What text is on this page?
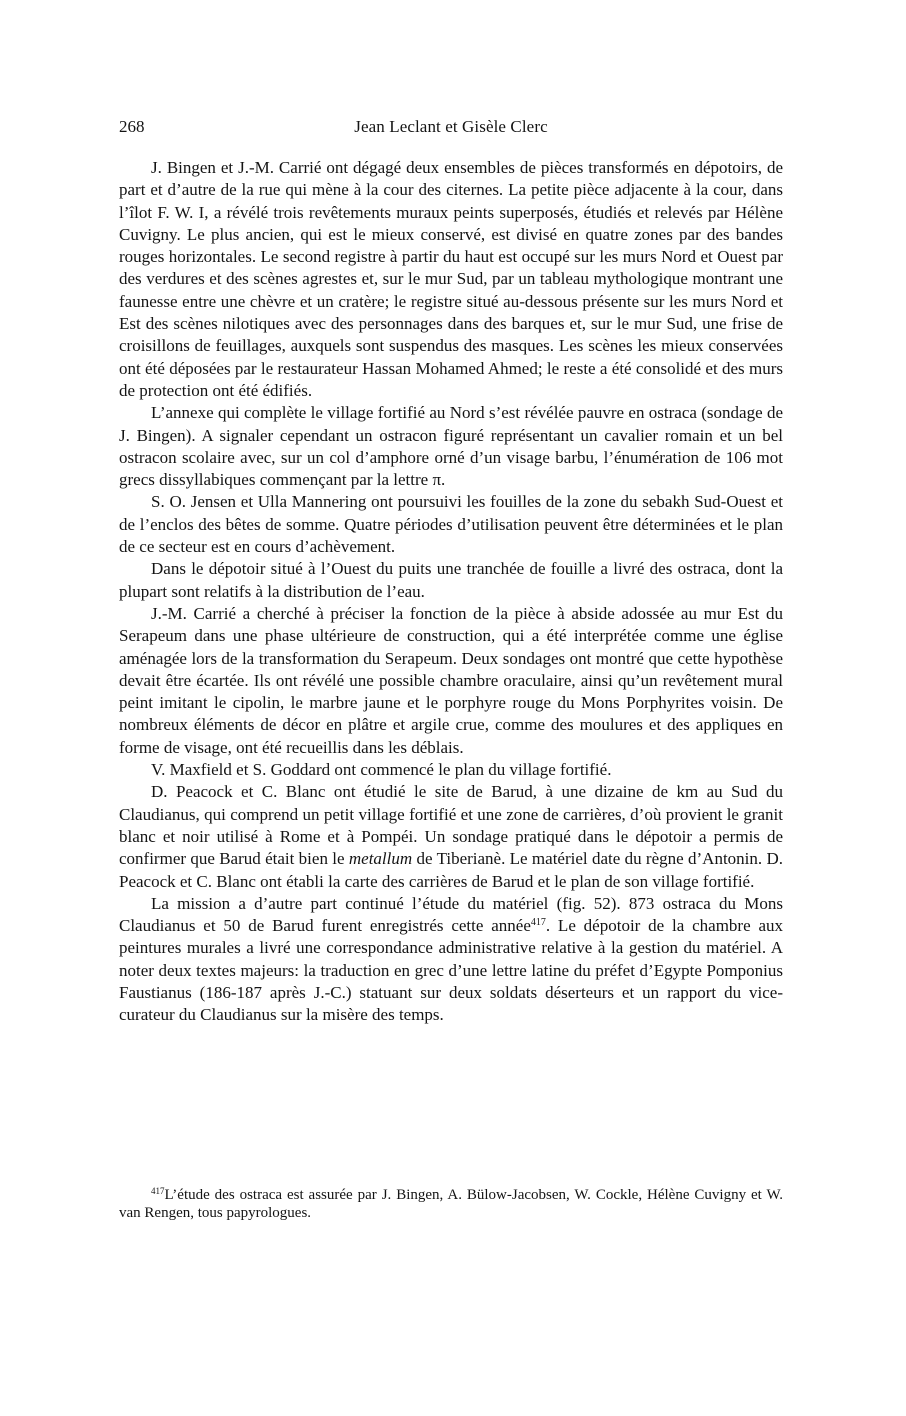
268	Jean Leclant et Gisèle Clerc

J. Bingen et J.-M. Carrié ont dégagé deux ensembles de pièces transformés en dépotoirs, de part et d’autre de la rue qui mène à la cour des citernes. La petite pièce adjacente à la cour, dans l’îlot F. W. I, a révélé trois revêtements muraux peints superposés, étudiés et relevés par Hélène Cuvigny. Le plus ancien, qui est le mieux conservé, est divisé en quatre zones par des bandes rouges horizontales. Le second registre à partir du haut est occupé sur les murs Nord et Ouest par des verdures et des scènes agrestes et, sur le mur Sud, par un tableau mythologique montrant une faunesse entre une chèvre et un cratère; le registre situé au-dessous présente sur les murs Nord et Est des scènes nilotiques avec des personnages dans des barques et, sur le mur Sud, une frise de croisillons de feuillages, auxquels sont suspendus des masques. Les scènes les mieux conservées ont été déposées par le restaurateur Hassan Mohamed Ahmed; le reste a été consolidé et des murs de protection ont été édifiés.

L’annexe qui complète le village fortifié au Nord s’est révélée pauvre en ostraca (sondage de J. Bingen). A signaler cependant un ostracon figuré représentant un cavalier romain et un bel ostracon scolaire avec, sur un col d’amphore orné d’un visage barbu, l’énumération de 106 mot grecs dissyllabiques commençant par la lettre π.

S. O. Jensen et Ulla Mannering ont poursuivi les fouilles de la zone du sebakh Sud-Ouest et de l’enclos des bêtes de somme. Quatre périodes d’utilisation peuvent être déterminées et le plan de ce secteur est en cours d’achèvement.

Dans le dépotoir situé à l’Ouest du puits une tranchée de fouille a livré des ostraca, dont la plupart sont relatifs à la distribution de l’eau.

J.-M. Carrié a cherché à préciser la fonction de la pièce à abside adossée au mur Est du Serapeum dans une phase ultérieure de construction, qui a été interprétée comme une église aménagée lors de la transformation du Serapeum. Deux sondages ont montré que cette hypothèse devait être écartée. Ils ont révélé une possible chambre oraculaire, ainsi qu’un revêtement mural peint imitant le cipolin, le marbre jaune et le porphyre rouge du Mons Porphyrites voisin. De nombreux éléments de décor en plâtre et argile crue, comme des moulures et des appliques en forme de visage, ont été recueillis dans les déblais.

V. Maxfield et S. Goddard ont commencé le plan du village fortifié.

D. Peacock et C. Blanc ont étudié le site de Barud, à une dizaine de km au Sud du Claudianus, qui comprend un petit village fortifié et une zone de carrières, d’où provient le granit blanc et noir utilisé à Rome et à Pompéi. Un sondage pratiqué dans le dépotoir a permis de confirmer que Barud était bien le metallum de Tiberianè. Le matériel date du règne d’Antonin. D. Peacock et C. Blanc ont établi la carte des carrières de Barud et le plan de son village fortifié.

La mission a d’autre part continué l’étude du matériel (fig. 52). 873 ostraca du Mons Claudianus et 50 de Barud furent enregistrés cette année$^{417}$. Le dépotoir de la chambre aux peintures murales a livré une correspondance administrative relative à la gestion du matériel. A noter deux textes majeurs: la traduction en grec d’une lettre latine du préfet d’Egypte Pomponius Faustianus (186-187 après J.-C.) statuant sur deux soldats déserteurs et un rapport du vice-curateur du Claudianus sur la misère des temps.

$^{417}$L’étude des ostraca est assurée par J. Bingen, A. Bülow-Jacobsen, W. Cockle, Hélène Cuvigny et W. van Rengen, tous papyrologues.
